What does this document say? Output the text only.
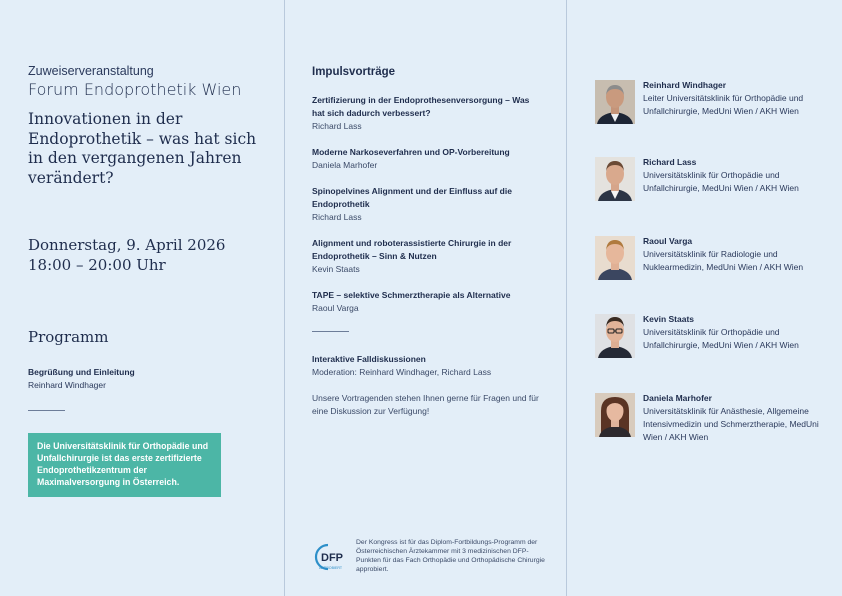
Zuweiserveranstaltung
Forum Endoprothetik Wien
Innovationen in der Endoprothetik – was hat sich in den vergangenen Jahren verändert?
Donnerstag, 9. April 2026
18:00 – 20:00 Uhr
Programm
Begrüßung und Einleitung
Reinhard Windhager
Die Universitätsklinik für Orthopädie und Unfallchirurgie ist das erste zertifizierte Endoprothetikzentrum der Maximalversorgung in Österreich.
Impulsvorträge
Zertifizierung in der Endoprothesenversorgung – Was hat sich dadurch verbessert?
Richard Lass
Moderne Narkoseverfahren und OP-Vorbereitung
Daniela Marhofer
Spinopelvines Alignment und der Einfluss auf die Endoprothetik
Richard Lass
Alignment und roboterassistierte Chirurgie in der Endoprothetik – Sinn & Nutzen
Kevin Staats
TAPE – selektive Schmerztherapie als Alternative
Raoul Varga
Interaktive Falldiskussionen
Moderation: Reinhard Windhager, Richard Lass
Unsere Vortragenden stehen Ihnen gerne für Fragen und für eine Diskussion zur Verfügung!
DFP
APPROBIERT
Der Kongress ist für das Diplom-Fortbildungs-Programm der Österreichischen Ärztekammer mit 3 medizinischen DFP-Punkten für das Fach Orthopädie und Orthopädische Chirurgie approbiert.
Reinhard Windhager
Leiter Universitätsklinik für Orthopädie und Unfallchirurgie, MedUni Wien / AKH Wien
Richard Lass
Universitätsklinik für Orthopädie und Unfallchirurgie, MedUni Wien / AKH Wien
Raoul Varga
Universitätsklinik für Radiologie und Nuklearmedizin, MedUni Wien / AKH Wien
Kevin Staats
Universitätsklinik für Orthopädie und Unfallchirurgie, MedUni Wien / AKH Wien
Daniela Marhofer
Universitätsklinik für Anästhesie, Allgemeine Intensivmedizin und Schmerztherapie, MedUni Wien / AKH Wien
